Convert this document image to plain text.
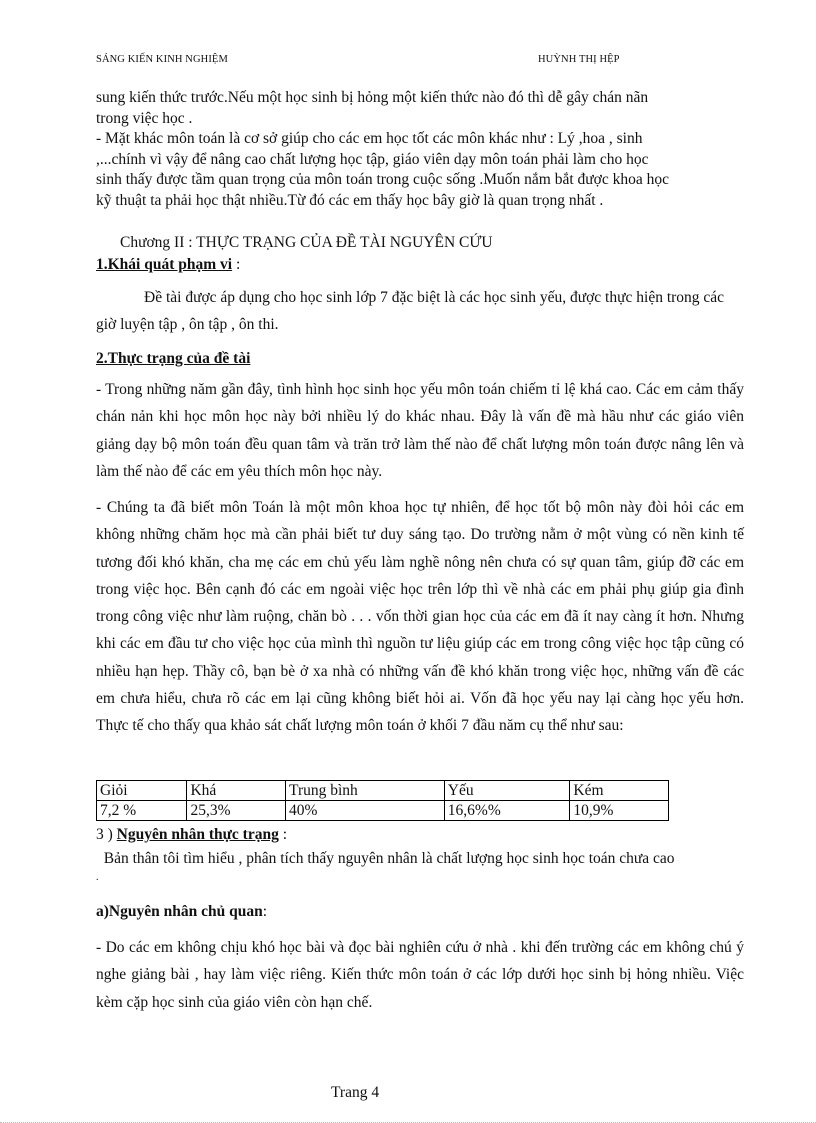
SÁNG KIẾN KINH NGHIỆM	HUỲNH THỊ HỆP
sung kiến thức trước.Nếu một học sinh bị hỏng một kiến thức nào đó thì dễ gây chán nãn
trong việc học .
- Mặt khác môn toán là cơ sở giúp cho các em học tốt các môn khác như : Lý ,hoa , sinh
,...chính vì vậy để nâng cao chất lượng học tập, giáo viên dạy môn toán phải làm cho học
sinh thấy được tầm quan trọng của môn toán trong cuộc sống .Muốn nắm bắt được khoa học
kỹ thuật ta phải học thật nhiều.Từ đó các em thấy học bây giờ là quan trọng nhất .
Chương II : THỰC TRẠNG CỦA ĐỀ TÀI NGUYÊN CỨU
1.Khái quát phạm vi :

Đề tài được áp dụng cho học sinh lớp 7 đặc biệt là các học sinh yếu, được thực hiện trong các giờ luyện tập , ôn tập , ôn thi.

2.Thực trạng của đề tài

- Trong những năm gần đây, tình hình học sinh học yếu môn toán chiếm tỉ lệ khá cao. Các em cảm thấy chán nản khi học môn học này bởi nhiều lý do khác nhau. Đây là vấn đề mà hầu như các giáo viên giảng dạy bộ môn toán đều quan tâm và trăn trở làm thế nào để chất lượng môn toán được nâng lên và làm thế nào để các em yêu thích môn học này.

- Chúng ta đã biết môn Toán là một môn khoa học tự nhiên, để học tốt bộ môn này đòi hỏi các em không những chăm học mà cần phải biết tư duy sáng tạo. Do trường nằm ở một vùng có nền kinh tế tương đối khó khăn, cha mẹ các em chủ yếu làm nghề nông nên chưa có sự quan tâm, giúp đỡ các em trong việc học. Bên cạnh đó các em ngoài việc học trên lớp thì về nhà các em phải phụ giúp gia đình trong công việc như làm ruộng, chăn bò . . . vốn thời gian học của các em đã ít nay càng ít hơn. Nhưng khi các em đầu tư cho việc học của mình thì nguồn tư liệu giúp các em trong công việc học tập cũng có nhiều hạn hẹp. Thầy cô, bạn bè ở xa nhà có những vấn đề khó khăn trong việc học, những vấn đề các em chưa hiểu, chưa rõ các em lại cũng không biết hỏi ai. Vốn đã học yếu nay lại càng học yếu hơn. Thực tế cho thấy qua khảo sát chất lượng môn toán ở khối 7 đầu năm cụ thể như sau:

Giỏi	Khá	Trung bình	Yếu	Kém
7,2 %	25,3%	40%	16,6%%	10,9%
3 ) Nguyên nhân thực trạng :
Bản thân tôi tìm hiểu , phân tích thấy nguyên nhân là chất lượng học sinh học toán chưa cao
.
a)Nguyên nhân chủ quan:

- Do các em không chịu khó học bài và đọc bài nghiên cứu ở nhà . khi đến trường các em không chú ý nghe giảng bài , hay làm việc riêng. Kiến thức môn toán ở các lớp dưới học sinh bị hỏng nhiều. Việc kèm cặp học sinh của giáo viên còn hạn chế.

Trang 4
